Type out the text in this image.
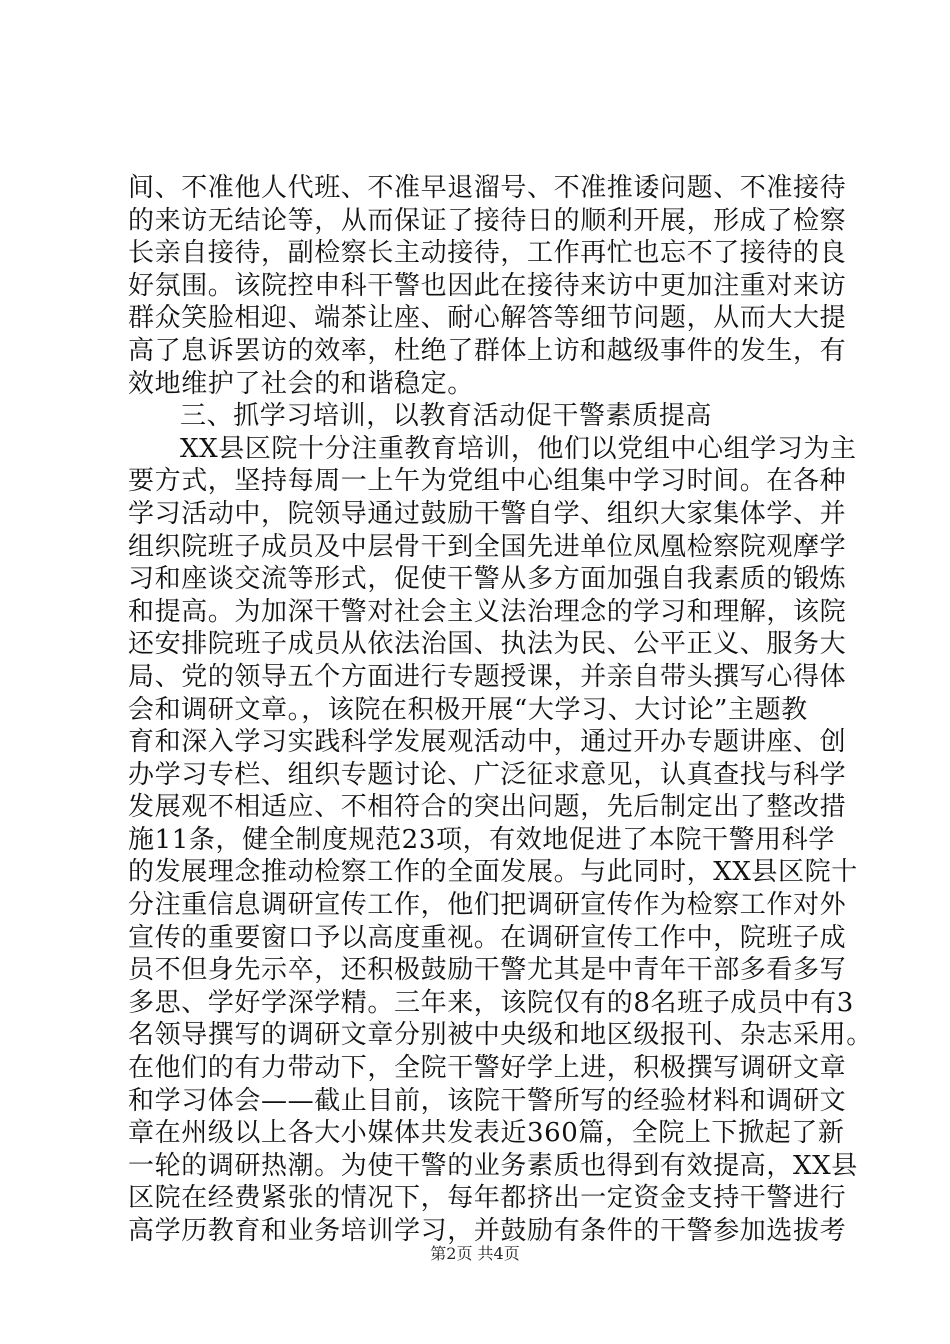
间、不准他人代班、不准早退溜号、不准推诿问题、不准接待
的来访无结论等，从而保证了接待日的顺利开展，形成了检察
长亲自接待，副检察长主动接待，工作再忙也忘不了接待的良
好氛围。该院控申科干警也因此在接待来访中更加注重对来访
群众笑脸相迎、端茶让座、耐心解答等细节问题，从而大大提
高了息诉罢访的效率，杜绝了群体上访和越级事件的发生，有
效地维护了社会的和谐稳定。
三、抓学习培训，以教育活动促干警素质提高
XX县区院十分注重教育培训，他们以党组中心组学习为主
要方式，坚持每周一上午为党组中心组集中学习时间。在各种
学习活动中，院领导通过鼓励干警自学、组织大家集体学、并
组织院班子成员及中层骨干到全国先进单位凤凰检察院观摩学
习和座谈交流等形式，促使干警从多方面加强自我素质的锻炼
和提高。为加深干警对社会主义法治理念的学习和理解，该院
还安排院班子成员从依法治国、执法为民、公平正义、服务大
局、党的领导五个方面进行专题授课，并亲自带头撰写心得体
会和调研文章。，该院在积极开展“大学习、大讨论”主题教
育和深入学习实践科学发展观活动中，通过开办专题讲座、创
办学习专栏、组织专题讨论、广泛征求意见，认真查找与科学
发展观不相适应、不相符合的突出问题，先后制定出了整改措
施11条，健全制度规范23项，有效地促进了本院干警用科学
的发展理念推动检察工作的全面发展。与此同时，XX县区院十
分注重信息调研宣传工作，他们把调研宣传作为检察工作对外
宣传的重要窗口予以高度重视。在调研宣传工作中，院班子成
员不但身先示卒，还积极鼓励干警尤其是中青年干部多看多写
多思、学好学深学精。三年来，该院仅有的8名班子成员中有3
名领导撰写的调研文章分别被中央级和地区级报刊、杂志采用。
在他们的有力带动下，全院干警好学上进，积极撰写调研文章
和学习体会——截止目前，该院干警所写的经验材料和调研文
章在州级以上各大小媒体共发表近360篇，全院上下掀起了新
一轮的调研热潮。为使干警的业务素质也得到有效提高，XX县
区院在经费紧张的情况下，每年都挤出一定资金支持干警进行
高学历教育和业务培训学习，并鼓励有条件的干警参加选拔考
第2页 共4页
